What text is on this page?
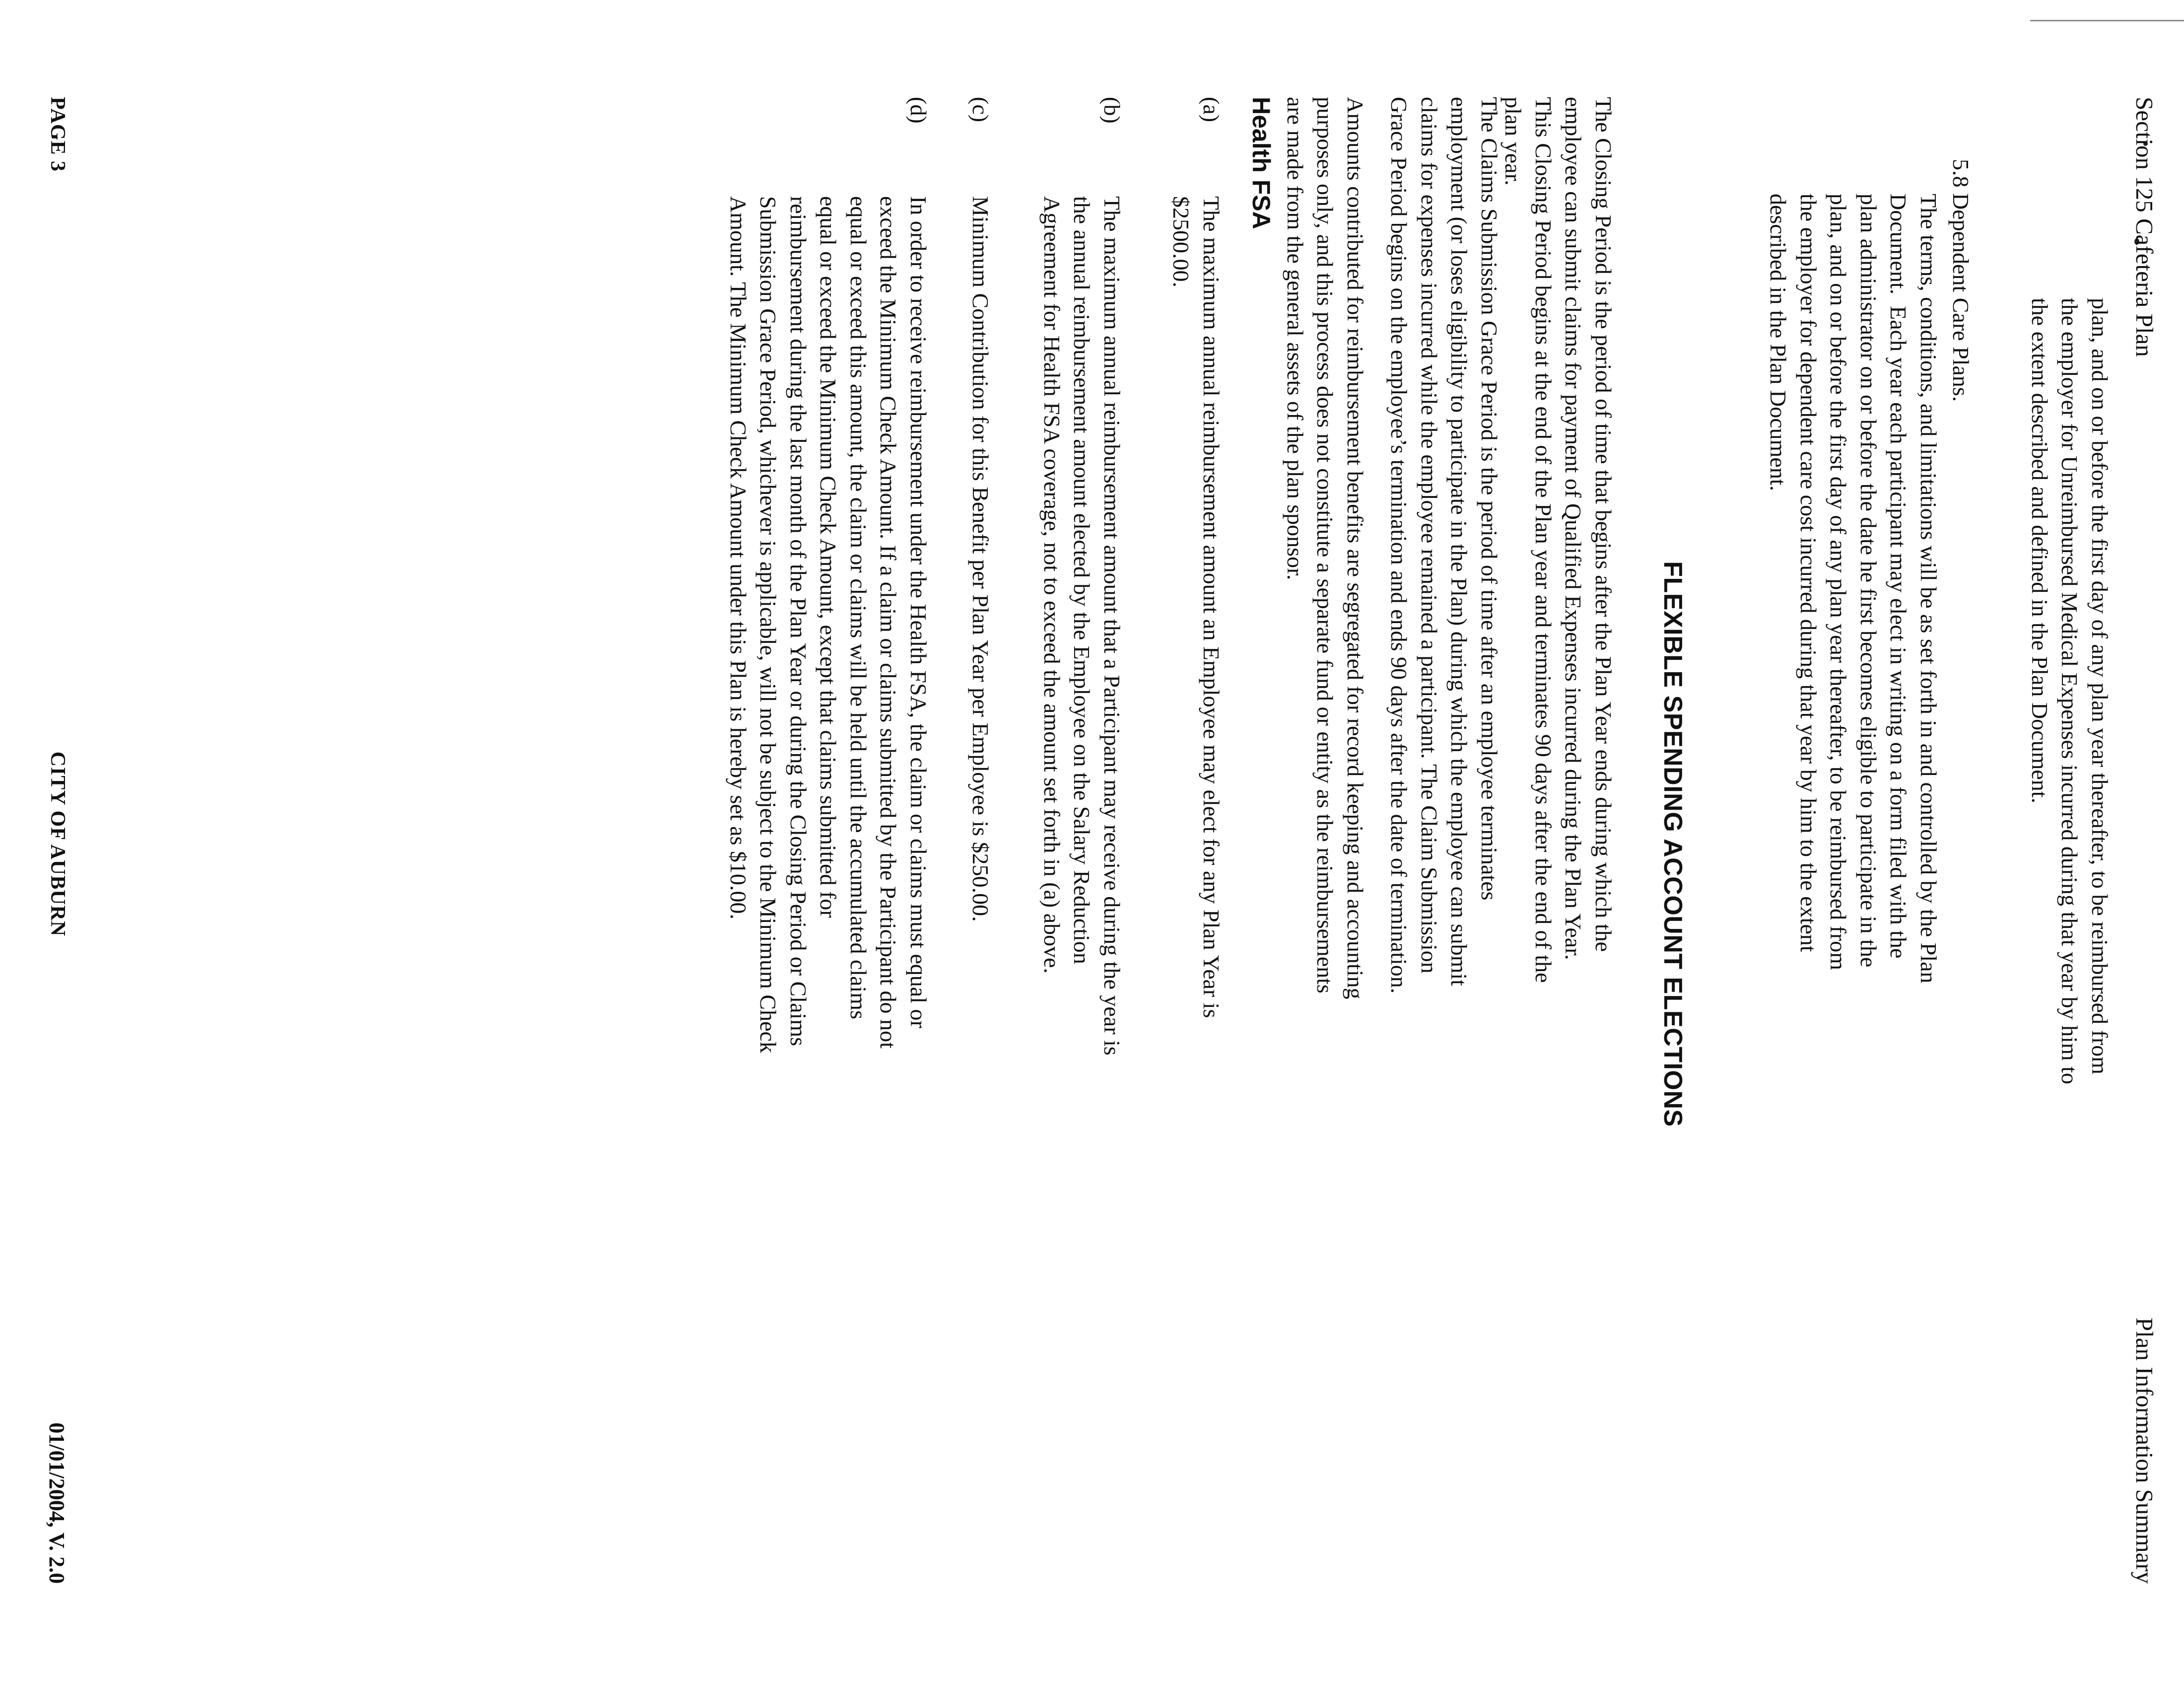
Section 125 Cafeteria Plan
Plan Information Summary
plan, and on or before the first day of any plan year thereafter, to be reimbursed from
the employer for Unreimbursed Medical Expenses incurred during that year by him to
the extent described and defined in the Plan Document.
5.8 Dependent Care Plans.
The terms, conditions, and limitations will be as set forth in and controlled by the Plan
Document.  Each year each participant may elect in writing on a form filed with the
plan administrator on or before the date he first becomes eligible to participate in the
plan, and on or before the first day of any plan year thereafter, to be reimbursed from
the employer for dependent care cost incurred during that year by him to the extent
described in the Plan Document.
FLEXIBLE SPENDING ACCOUNT ELECTIONS
The Closing Period is the period of time that begins after the Plan Year ends during which the
employee can submit claims for payment of Qualified Expenses incurred during the Plan Year.
This Closing Period begins at the end of the Plan year and terminates 90 days after the end of the
plan year.
The Claims Submission Grace Period is the period of time after an employee terminates
employment (or loses eligibility to participate in the Plan) during which the employee can submit
claims for expenses incurred while the employee remained a participant. The Claim Submission
Grace Period begins on the employee’s termination and ends 90 days after the date of termination.
Amounts contributed for reimbursement benefits are segregated for record keeping and accounting
purposes only, and this process does not constitute a separate fund or entity as the reimbursements
are made from the general assets of the plan sponsor.
Health FSA
(a)
The maximum annual reimbursement amount an Employee may elect for any Plan Year is
$2500.00.
(b)
The maximum annual reimbursement amount that a Participant may receive during the year is
the annual reimbursement amount elected by the Employee on the Salary Reduction
Agreement for Health FSA coverage, not to exceed the amount set forth in (a) above.
(c)
Minimum Contribution for this Benefit per Plan Year per Employee is $250.00.
(d)
In order to receive reimbursement under the Health FSA, the claim or claims must equal or
exceed the Minimum Check Amount. If a claim or claims submitted by the Participant do not
equal or exceed this amount, the claim or claims will be held until the accumulated claims
equal or exceed the Minimum Check Amount, except that claims submitted for
reimbursement during the last month of the Plan Year or during the Closing Period or Claims
Submission Grace Period, whichever is applicable, will not be subject to the Minimum Check
Amount. The Minimum Check Amount under this Plan is hereby set as $10.00.
PAGE 3
CITY OF AUBURN
01/01/2004, V. 2.0
